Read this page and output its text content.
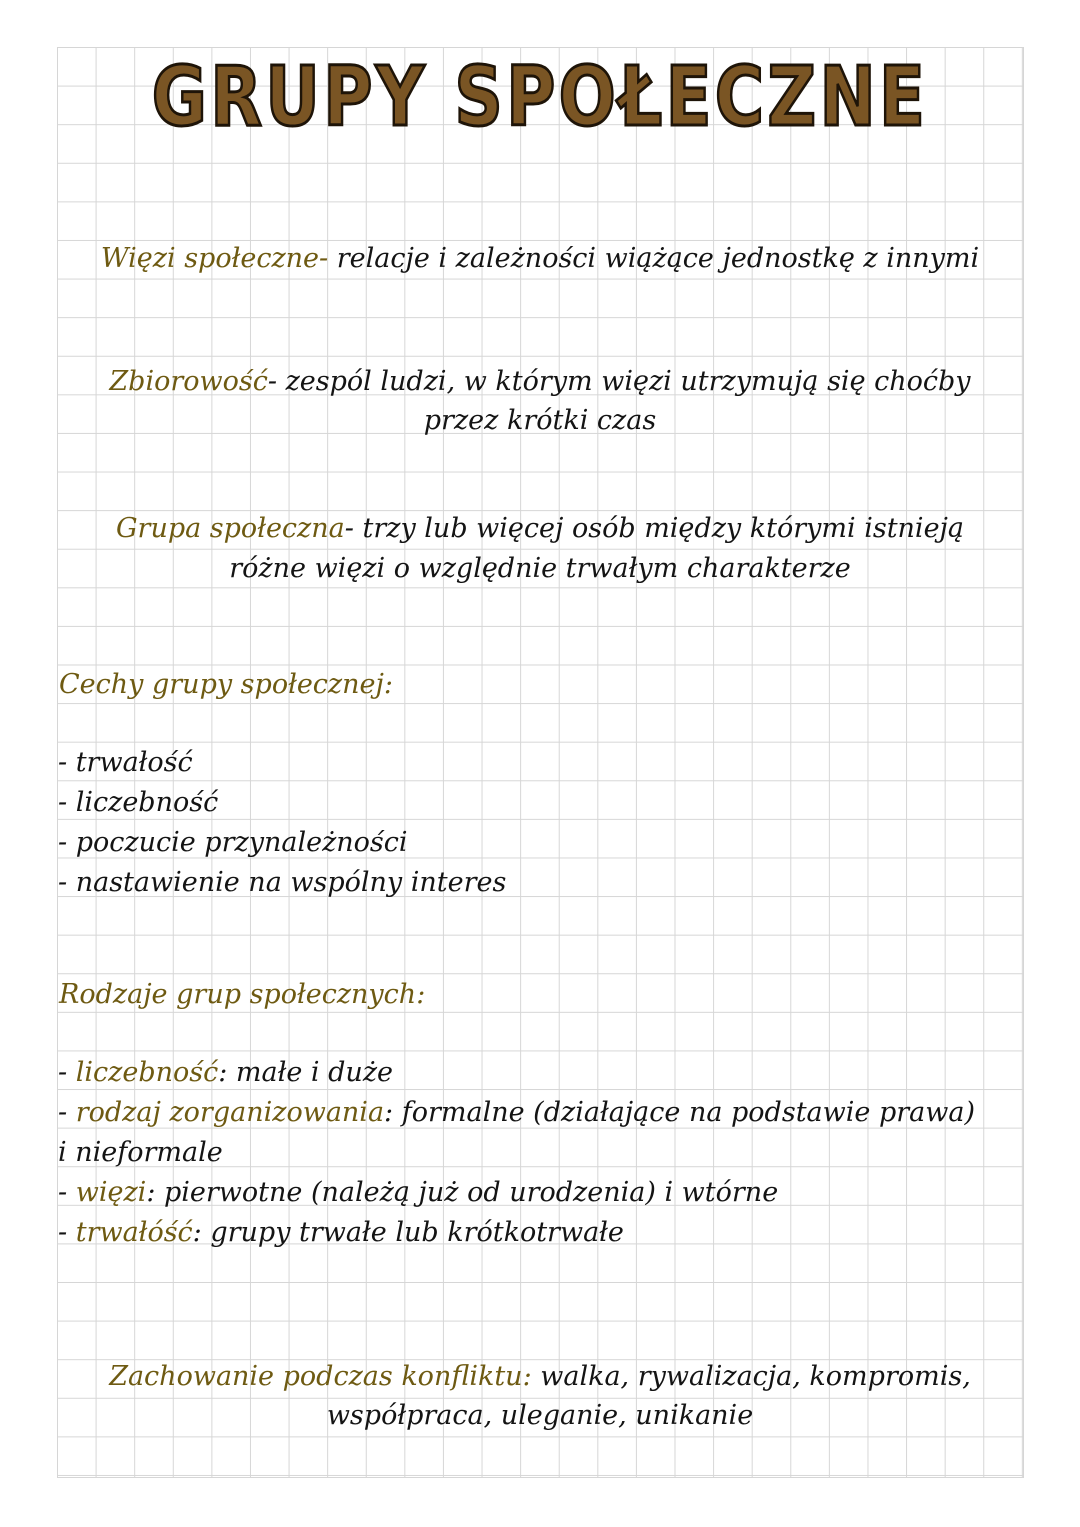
GRUPY SPOŁECZNE

Więzi społeczne- relacje i zależności wiążące jednostkę z innymi

Zbiorowość- zespól ludzi, w którym więzi utrzymują się choćby

przez krótki czas

Grupa społeczna- trzy lub więcej osób między którymi istnieją

różne więzi o względnie trwałym charakterze

Cechy grupy społecznej:

- trwałość

- liczebność

- poczucie przynależności

- nastawienie na wspólny interes

Rodzaje grup społecznych:

- liczebność: małe i duże

- rodzaj zorganizowania: formalne (działające na podstawie prawa)

i nieformale

- więzi: pierwotne (należą już od urodzenia) i wtórne

- trwałóść: grupy trwałe lub krótkotrwałe

Zachowanie podczas konfliktu: walka, rywalizacja, kompromis,

współpraca, uleganie, unikanie
